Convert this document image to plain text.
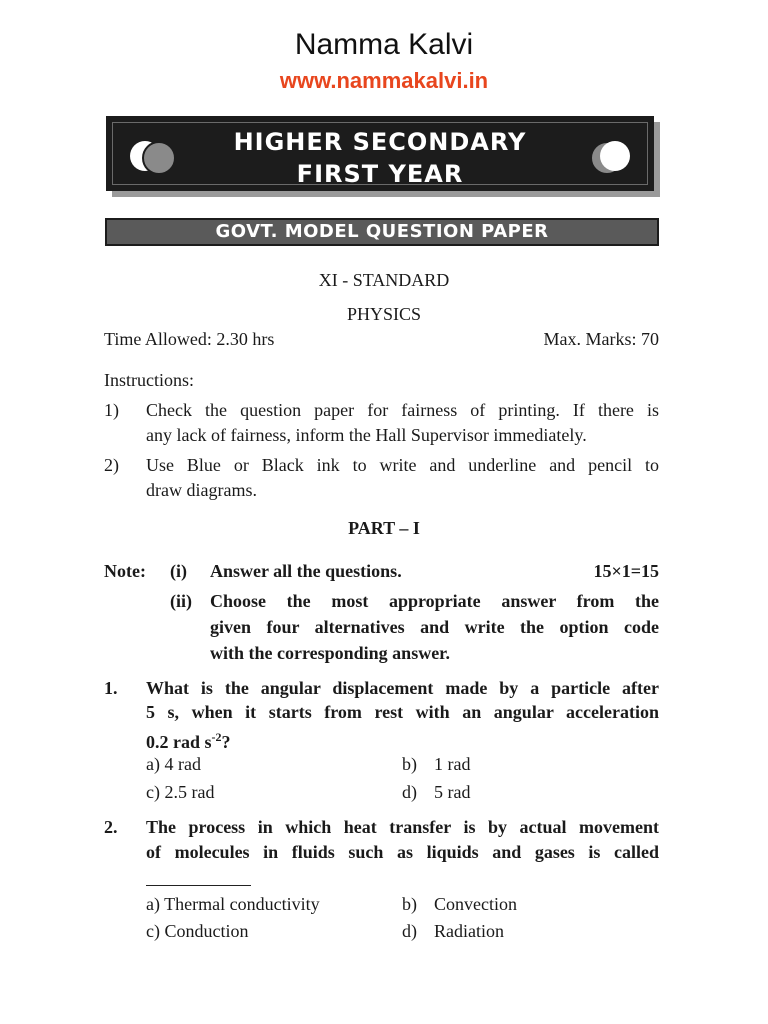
Namma Kalvi
www.nammakalvi.in
HIGHER SECONDARY
FIRST YEAR
GOVT. MODEL QUESTION PAPER
XI - STANDARD
PHYSICS
Time Allowed: 2.30 hrs	Max. Marks: 70
Instructions:
1) Check the question paper for fairness of printing. If there is
any lack of fairness, inform the Hall Supervisor immediately.
2) Use Blue or Black ink to write and underline and pencil to
draw diagrams.
PART – I
Note: (i) Answer all the questions.	15×1=15
(ii) Choose the most appropriate answer from the
given four alternatives and write the option code
with the corresponding answer.
1. What is the angular displacement made by a particle after
5 s, when it starts from rest with an angular acceleration
0.2 rad $s^{-2}$?
a) 4 rad	b) 1 rad
c) 2.5 rad	d) 5 rad
2. The process in which heat transfer is by actual movement
of molecules in fluids such as liquids and gases is called
a) Thermal conductivity	b) Convection
c) Conduction	d) Radiation
